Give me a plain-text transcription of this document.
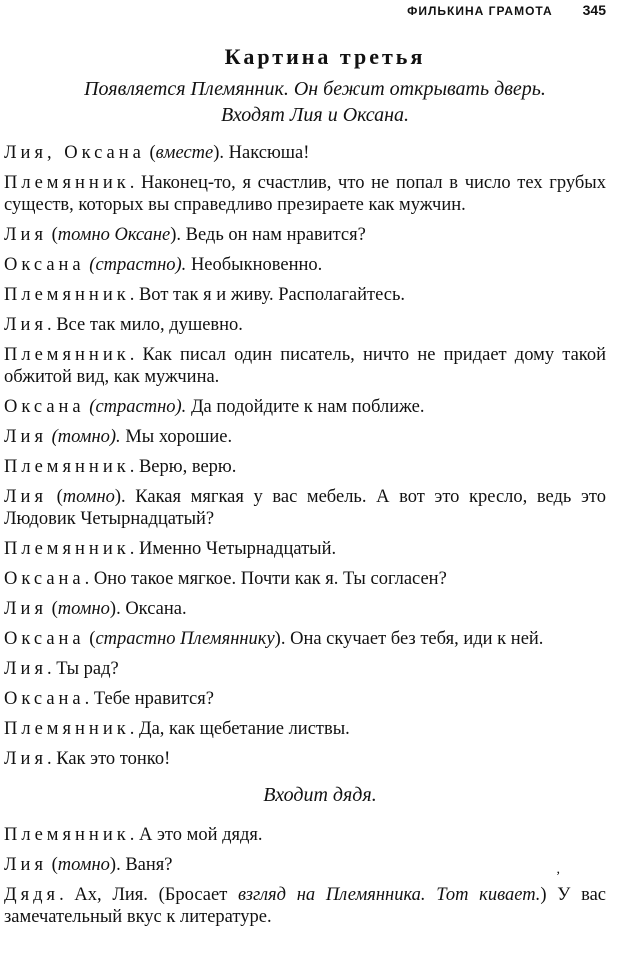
ФИЛЬКИНА ГРАМОТА 345
Картина третья
Появляется Племянник. Он бежит открывать дверь.
Входят Лия и Оксана.
Лия, Оксана (вместе). Наксюша!
Племянник. Наконец-то, я счастлив, что не попал в число тех грубых существ, которых вы справедливо презираете как мужчин.
Лия (томно Оксане). Ведь он нам нравится?
Оксана (страстно). Необыкновенно.
Племянник. Вот так я и живу. Располагайтесь.
Лия. Все так мило, душевно.
Племянник. Как писал один писатель, ничто не придает дому такой обжитой вид, как мужчина.
Оксана (страстно). Да подойдите к нам поближе.
Лия (томно). Мы хорошие.
Племянник. Верю, верю.
Лия (томно). Какая мягкая у вас мебель. А вот это кресло, ведь это Людовик Четырнадцатый?
Племянник. Именно Четырнадцатый.
Оксана. Оно такое мягкое. Почти как я. Ты согласен?
Лия (томно). Оксана.
Оксана (страстно Племяннику). Она скучает без тебя, иди к ней.
Лия. Ты рад?
Оксана. Тебе нравится?
Племянник. Да, как щебетание листвы.
Лия. Как это тонко!
Входит дядя.
Племянник. А это мой дядя.
Лия (томно). Ваня?
Дядя. Ах, Лия. (Бросает взгляд на Племянника. Тот кивает.) У вас замечательный вкус к литературе.
,
